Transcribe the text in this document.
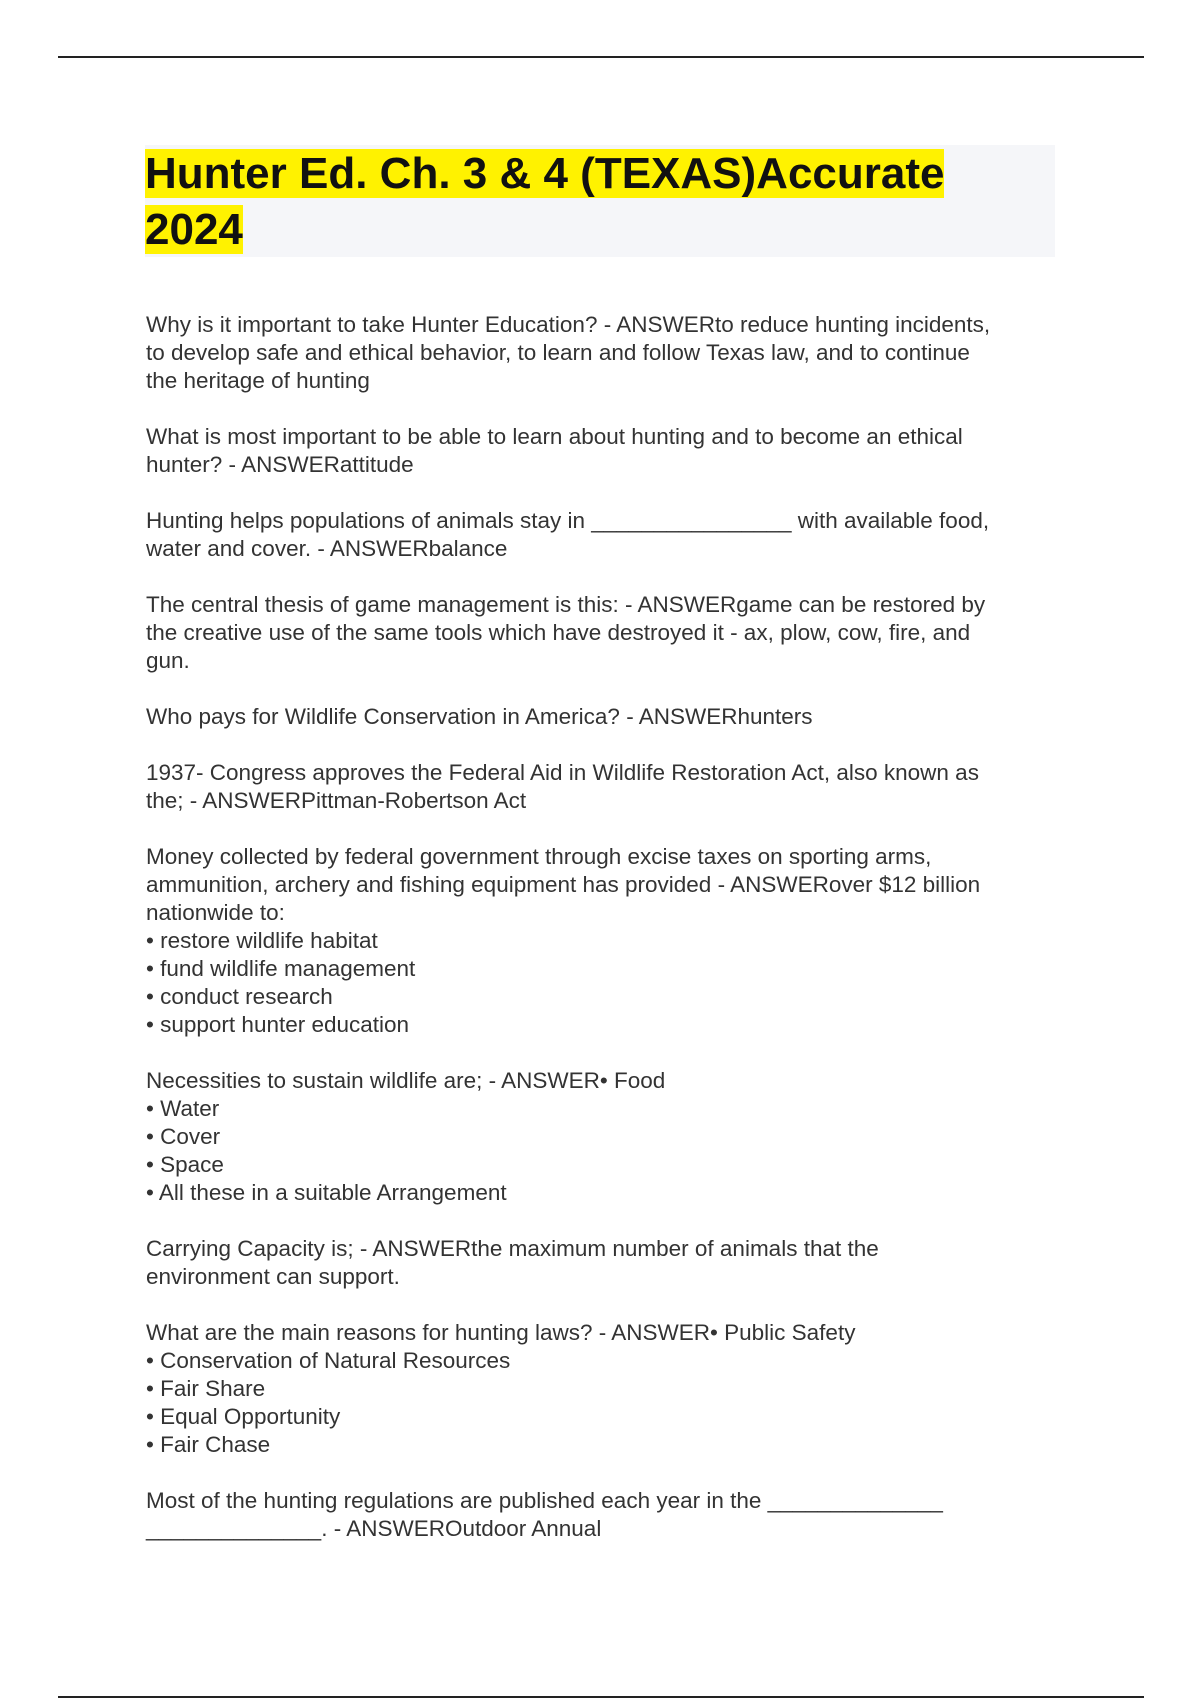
Hunter Ed. Ch. 3 & 4 (TEXAS)Accurate
2024
Why is it important to take Hunter Education? - ANSWERto reduce hunting incidents,
to develop safe and ethical behavior, to learn and follow Texas law, and to continue
the heritage of hunting
What is most important to be able to learn about hunting and to become an ethical
hunter? - ANSWERattitude
Hunting helps populations of animals stay in ________________ with available food,
water and cover. - ANSWERbalance
The central thesis of game management is this: - ANSWERgame can be restored by
the creative use of the same tools which have destroyed it - ax, plow, cow, fire, and
gun.
Who pays for Wildlife Conservation in America? - ANSWERhunters
1937- Congress approves the Federal Aid in Wildlife Restoration Act, also known as
the; - ANSWERPittman-Robertson Act
Money collected by federal government through excise taxes on sporting arms,
ammunition, archery and fishing equipment has provided - ANSWERover $12 billion
nationwide to:
• restore wildlife habitat
• fund wildlife management
• conduct research
• support hunter education
Necessities to sustain wildlife are; - ANSWER• Food
• Water
• Cover
• Space
• All these in a suitable Arrangement
Carrying Capacity is; - ANSWERthe maximum number of animals that the
environment can support.
What are the main reasons for hunting laws? - ANSWER• Public Safety
• Conservation of Natural Resources
• Fair Share
• Equal Opportunity
• Fair Chase
Most of the hunting regulations are published each year in the ______________
______________. - ANSWEROutdoor Annual
